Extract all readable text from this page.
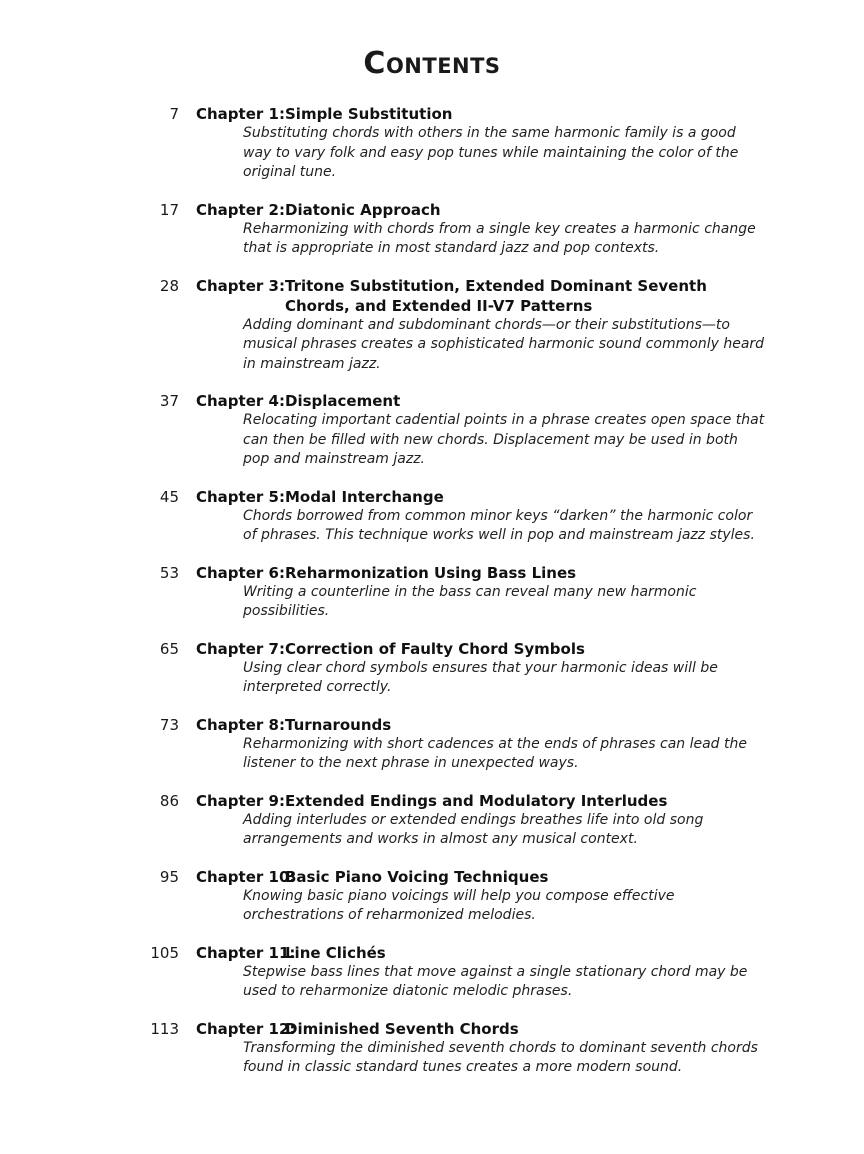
Contents
7 Chapter 1: Simple Substitution
Substituting chords with others in the same harmonic family is a good
way to vary folk and easy pop tunes while maintaining the color of the
original tune.
17 Chapter 2: Diatonic Approach
Reharmonizing with chords from a single key creates a harmonic change
that is appropriate in most standard jazz and pop contexts.
28 Chapter 3: Tritone Substitution, Extended Dominant Seventh
Chords, and Extended II-V7 Patterns
Adding dominant and subdominant chords—or their substitutions—to
musical phrases creates a sophisticated harmonic sound commonly heard
in mainstream jazz.
37 Chapter 4: Displacement
Relocating important cadential points in a phrase creates open space that
can then be filled with new chords. Displacement may be used in both
pop and mainstream jazz.
45 Chapter 5: Modal Interchange
Chords borrowed from common minor keys “darken” the harmonic color
of phrases. This technique works well in pop and mainstream jazz styles.
53 Chapter 6: Reharmonization Using Bass Lines
Writing a counterline in the bass can reveal many new harmonic
possibilities.
65 Chapter 7: Correction of Faulty Chord Symbols
Using clear chord symbols ensures that your harmonic ideas will be
interpreted correctly.
73 Chapter 8: Turnarounds
Reharmonizing with short cadences at the ends of phrases can lead the
listener to the next phrase in unexpected ways.
86 Chapter 9: Extended Endings and Modulatory Interludes
Adding interludes or extended endings breathes life into old song
arrangements and works in almost any musical context.
95 Chapter 10:
Basic Piano Voicing Techniques
Knowing basic piano voicings will help you compose effective
orchestrations of reharmonized melodies.
105 Chapter 11:
Line Clichés
Stepwise bass lines that move against a single stationary chord may be
used to reharmonize diatonic melodic phrases.
113 Chapter 12:
Diminished Seventh Chords
Transforming the diminished seventh chords to dominant seventh chords
found in classic standard tunes creates a more modern sound.
